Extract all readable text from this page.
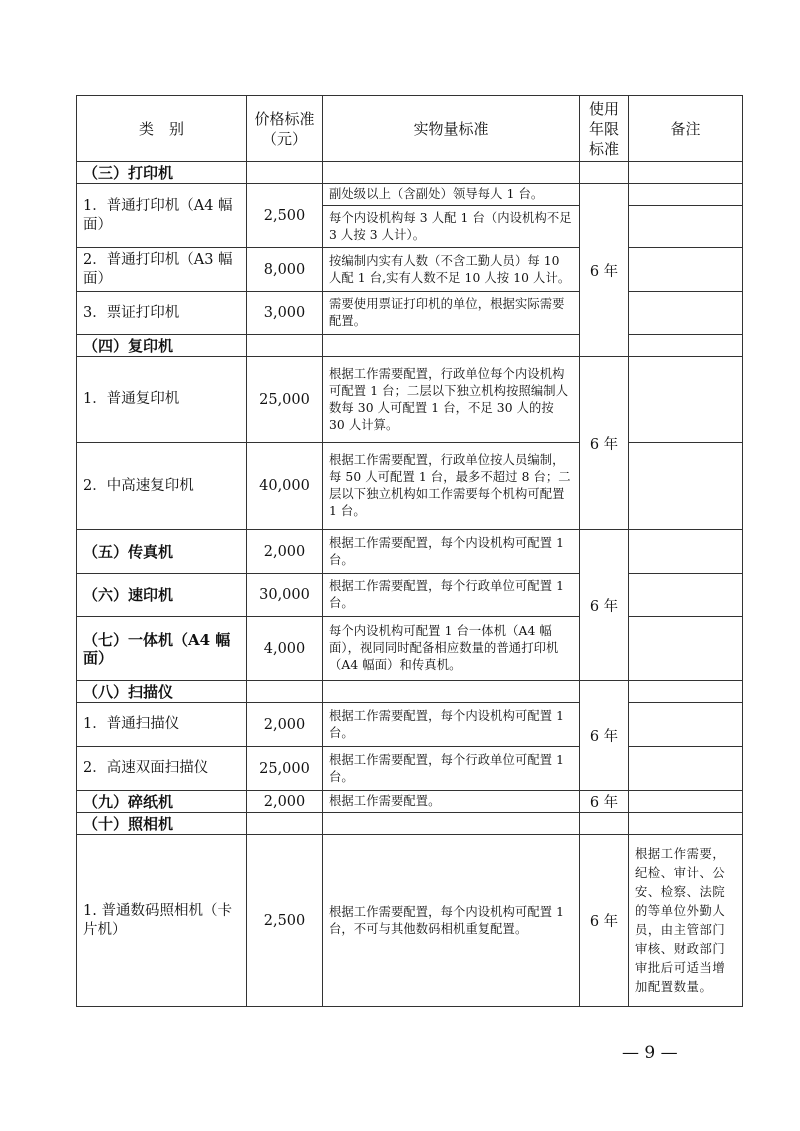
类　别	价格标准（元）	实物量标准	使用年限标准	备注
（三）打印机				
1．普通打印机（A4 幅面）	2,500	副处级以上（含副处）领导每人 1 台。	6 年	
		每个内设机构每 3 人配 1 台（内设机构不足 3 人按 3 人计）。		
2．普通打印机（A3 幅面）	8,000	按编制内实有人数（不含工勤人员）每 10 人配 1 台,实有人数不足 10 人按 10 人计。		
3．票证打印机	3,000	需要使用票证打印机的单位，根据实际需要配置。		
（四）复印机				
1．普通复印机	25,000	根据工作需要配置，行政单位每个内设机构可配置 1 台；二层以下独立机构按照编制人数每 30 人可配置 1 台，不足 30 人的按 30 人计算。	6 年	
2．中高速复印机	40,000	根据工作需要配置，行政单位按人员编制，每 50 人可配置 1 台，最多不超过 8 台；二层以下独立机构如工作需要每个机构可配置 1 台。		
（五）传真机	2,000	根据工作需要配置，每个内设机构可配置 1 台。	6 年	
（六）速印机	30,000	根据工作需要配置，每个行政单位可配置 1 台。		
（七）一体机（A4 幅面）	4,000	每个内设机构可配置 1 台一体机（A4 幅面），视同同时配备相应数量的普通打印机（A4 幅面）和传真机。		
（八）扫描仪			6 年	
1．普通扫描仪	2,000	根据工作需要配置，每个内设机构可配置 1 台。		
2．高速双面扫描仪	25,000	根据工作需要配置，每个行政单位可配置 1 台。		
（九）碎纸机	2,000	根据工作需要配置。	6 年	
（十）照相机				
1. 普通数码照相机（卡片机）	2,500	根据工作需要配置，每个内设机构可配置 1 台，不可与其他数码相机重复配置。	6 年	根据工作需要，纪检、审计、公安、检察、法院的等单位外勤人员，由主管部门审核、财政部门审批后可适当增加配置数量。
— 9 —
